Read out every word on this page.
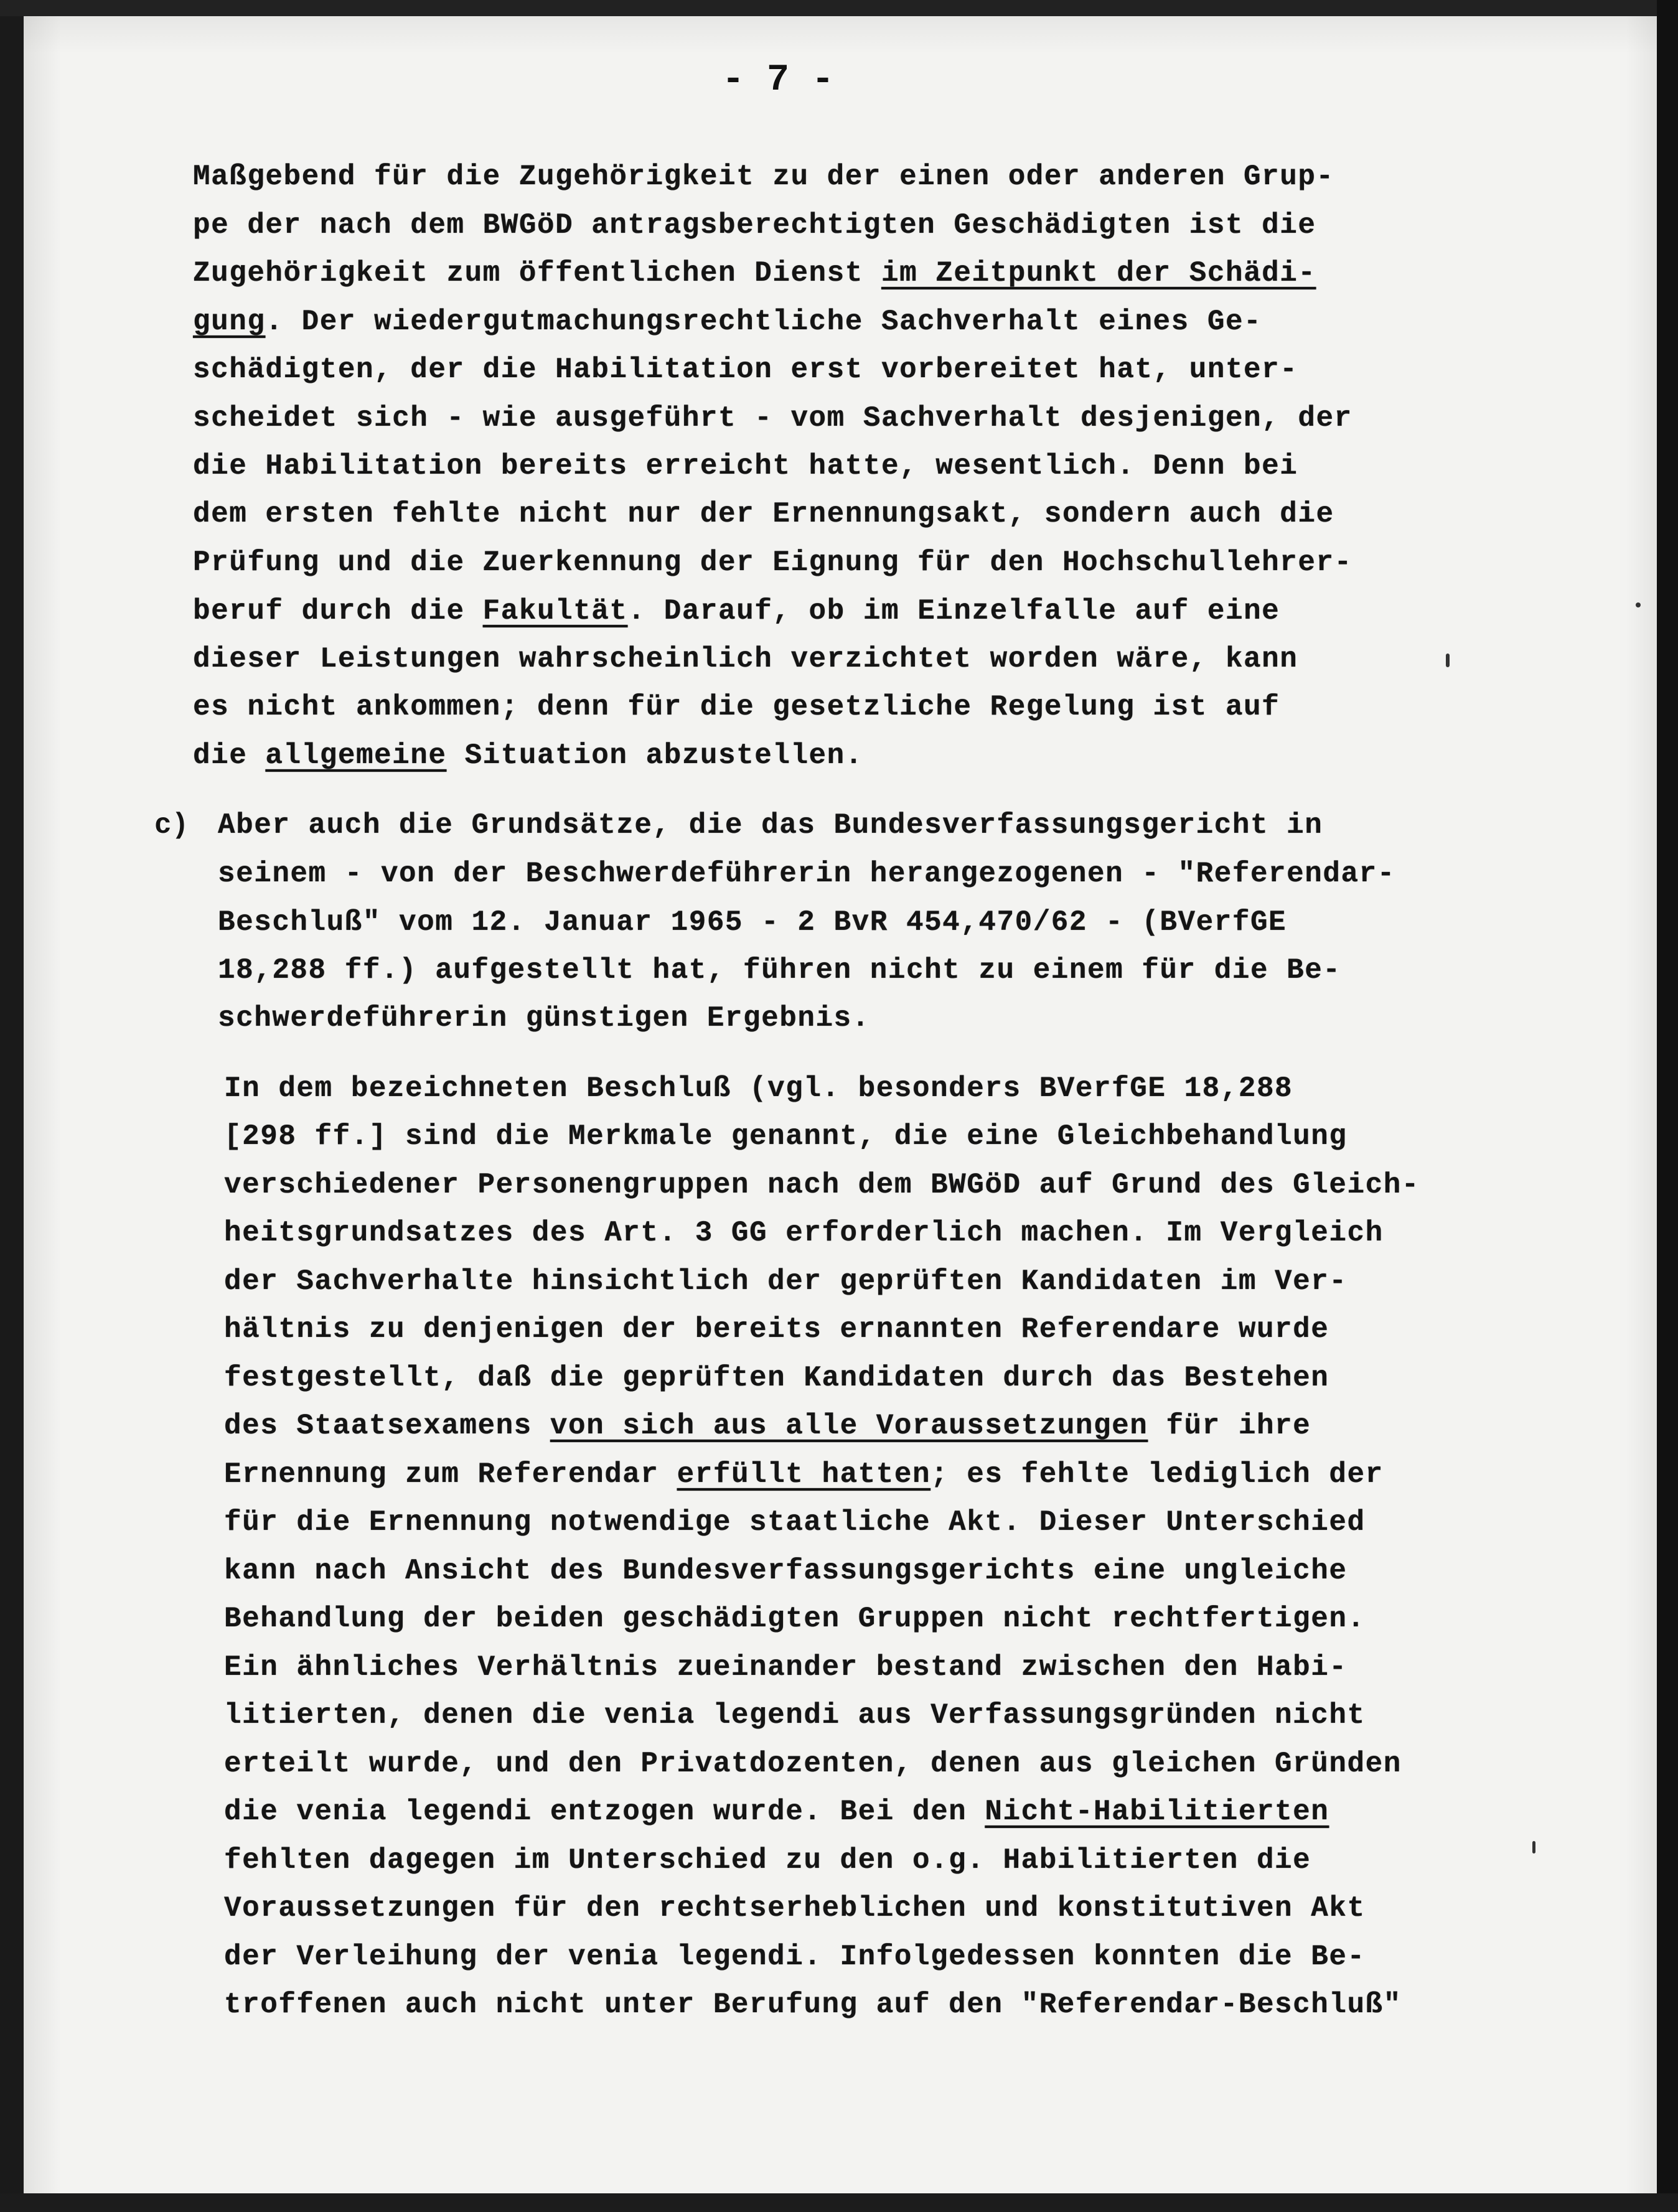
- 7 -
Maßgebend für die Zugehörigkeit zu der einen oder anderen Grup-
pe der nach dem BWGöD antragsberechtigten Geschädigten ist die
Zugehörigkeit zum öffentlichen Dienst im Zeitpunkt der Schädi-
gung. Der wiedergutmachungsrechtliche Sachverhalt eines Ge-
schädigten, der die Habilitation erst vorbereitet hat, unter-
scheidet sich - wie ausgeführt - vom Sachverhalt desjenigen, der
die Habilitation bereits erreicht hatte, wesentlich. Denn bei
dem ersten fehlte nicht nur der Ernennungsakt, sondern auch die
Prüfung und die Zuerkennung der Eignung für den Hochschullehrer-
beruf durch die Fakultät. Darauf, ob im Einzelfalle auf eine
dieser Leistungen wahrscheinlich verzichtet worden wäre, kann
es nicht ankommen; denn für die gesetzliche Regelung ist auf
die allgemeine Situation abzustellen.
c) Aber auch die Grundsätze, die das Bundesverfassungsgericht in
seinem - von der Beschwerdeführerin herangezogenen - "Referendar-
Beschluß" vom 12. Januar 1965 - 2 BvR 454,470/62 - (BVerfGE
18,288 ff.) aufgestellt hat, führen nicht zu einem für die Be-
schwerdeführerin günstigen Ergebnis.
In dem bezeichneten Beschluß (vgl. besonders BVerfGE 18,288
[298 ff.] sind die Merkmale genannt, die eine Gleichbehandlung
verschiedener Personengruppen nach dem BWGöD auf Grund des Gleich-
heitsgrundsatzes des Art. 3 GG erforderlich machen. Im Vergleich
der Sachverhalte hinsichtlich der geprüften Kandidaten im Ver-
hältnis zu denjenigen der bereits ernannten Referendare wurde
festgestellt, daß die geprüften Kandidaten durch das Bestehen
des Staatsexamens von sich aus alle Voraussetzungen für ihre
Ernennung zum Referendar erfüllt hatten; es fehlte lediglich der
für die Ernennung notwendige staatliche Akt. Dieser Unterschied
kann nach Ansicht des Bundesverfassungsgerichts eine ungleiche
Behandlung der beiden geschädigten Gruppen nicht rechtfertigen.
Ein ähnliches Verhältnis zueinander bestand zwischen den Habi-
litierten, denen die venia legendi aus Verfassungsgründen nicht
erteilt wurde, und den Privatdozenten, denen aus gleichen Gründen
die venia legendi entzogen wurde. Bei den Nicht-Habilitierten
fehlten dagegen im Unterschied zu den o.g. Habilitierten die
Voraussetzungen für den rechtserheblichen und konstitutiven Akt
der Verleihung der venia legendi. Infolgedessen konnten die Be-
troffenen auch nicht unter Berufung auf den "Referendar-Beschluß"
